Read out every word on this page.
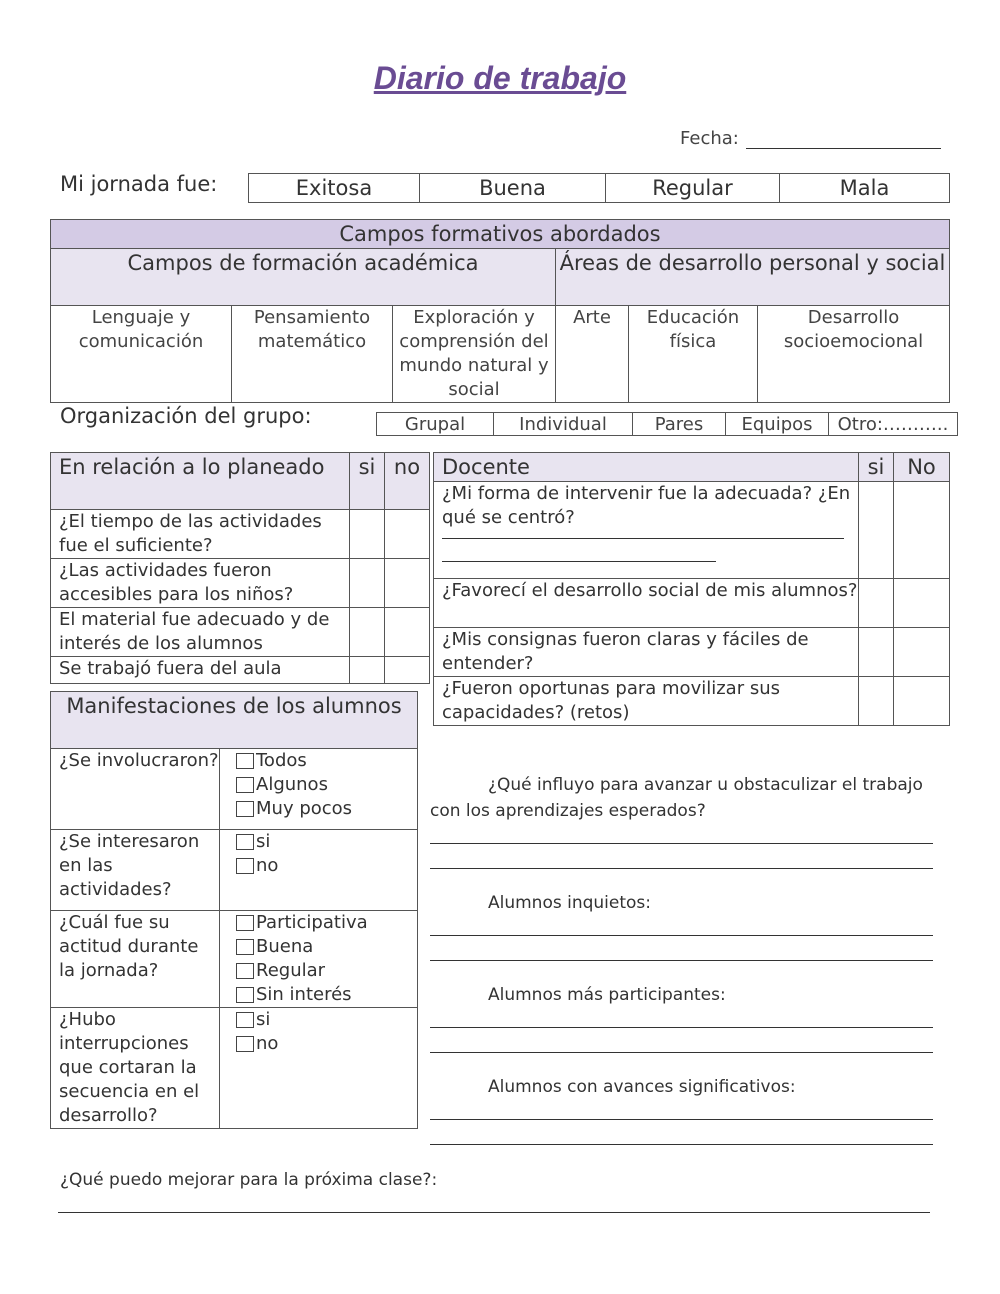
Diario de trabajo
Fecha:
Mi jornada fue:	Exitosa	Buena	Regular	Mala
Campos formativos abordados					
Campos de formación académica			Áreas de desarrollo personal y social		
Lenguaje y comunicación	Pensamiento matemático	Exploración y comprensión del mundo natural y social	Arte	Educación física	Desarrollo socioemocional
Organización del grupo:	Grupal	Individual	Pares	Equipos	Otro:………..
En relación a lo planeado	si	no
¿El tiempo de las actividades fue el suficiente?		
¿Las actividades fueron accesibles para los niños?		
El material fue adecuado y de interés de los alumnos		
Se trabajó fuera del aula		
Docente	si	No

¿Mi forma de intervenir fue la adecuada? ¿En qué se centró?		

¿Favorecí el desarrollo social de mis alumnos?		
¿Mis consignas fueron claras y fáciles de entender?		
¿Fueron oportunas para movilizar sus capacidades? (retos)		
Manifestaciones de los alumnos	
¿Se involucraron?	Todos
Algunos
Muy pocos

¿Se interesaron en las actividades?	si
no

¿Cuál fue su actitud durante la jornada?	Participativa
Buena
Regular
Sin interés

¿Hubo interrupciones que cortaran la secuencia en el desarrollo?	si
no
¿Qué influyo para avanzar u obstaculizar el trabajo con los aprendizajes esperados?
Alumnos inquietos:
Alumnos más participantes:
Alumnos con avances significativos:
¿Qué puedo mejorar para la próxima clase?:
